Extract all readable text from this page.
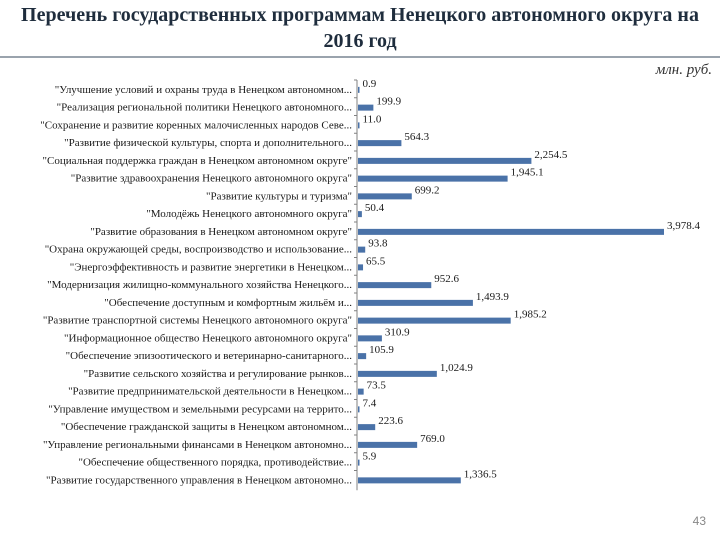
Перечень государственных программам Ненецкого автономного округа на 2016 год
млн. руб.
"Улучшение условий и охраны труда в Ненецком автономном... 0.9
"Реализация региональной политики Ненецкого автономного... 199.9
"Сохранение и развитие коренных малочисленных народов Севе... 11.0
"Развитие физической культуры, спорта и дополнительного...	564.3
"Социальная поддержка граждан в Ненецком автономном округе"	2,254.5
"Развитие здравоохранения Ненецкого автономного округа"	1,945.1
"Развитие культуры и туризма"	699.2
"Молодёжь Ненецкого автономного округа" 50.4
"Развитие образования в Ненецком автономном округе"	3,978.4
"Охрана окружающей среды, воспроизводство и использование... 93.8
"Энергоэффективность и развитие энергетики в Ненецком... 65.5
"Модернизация жилищно-коммунального хозяйства Ненецкого...	952.6
"Обеспечение доступным и комфортным жильём и...	1,493.9
"Развитие транспортной системы Ненецкого автономного округа"	1,985.2
"Информационное общество Ненецкого автономного округа"	310.9
"Обеспечение эпизоотического и ветеринарно-санитарного... 105.9
"Развитие сельского хозяйства и регулирование рынков...	1,024.9
"Развитие предпринимательской деятельности в Ненецком... 73.5
"Управление имуществом и земельными ресурсами на террито... 7.4
"Обеспечение гражданской защиты в Ненецком автономном... 223.6
"Управление региональными финансами в Ненецком автономно...	769.0
"Обеспечение общественного порядка, противодействие... 5.9
"Развитие государственного управления в Ненецком автономно...	1,336.5
43
